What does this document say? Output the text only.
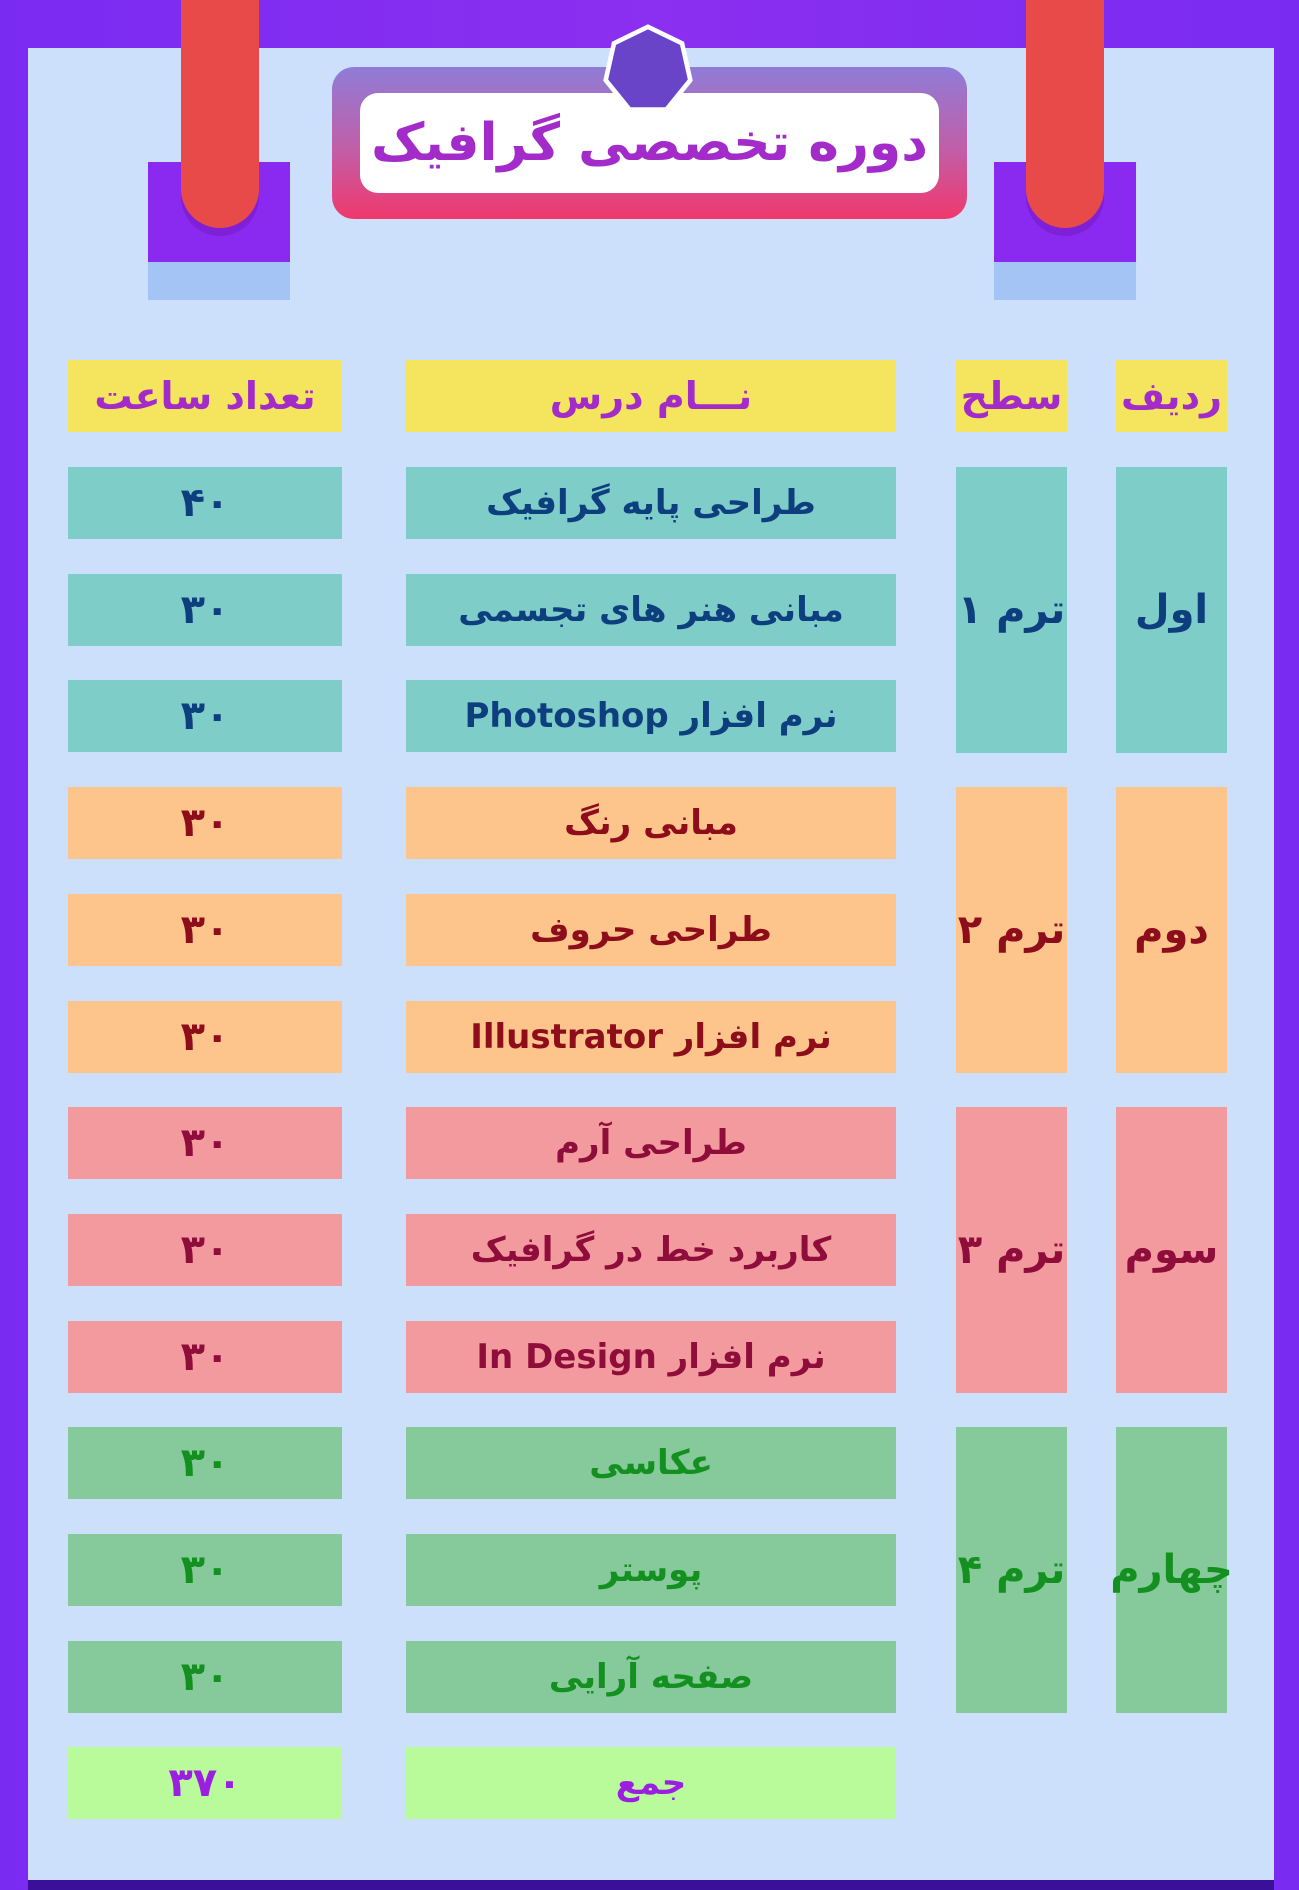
دوره تخصصی گرافیک
ردیف
سطح
نـــام درس
تعداد ساعت
اول
ترم ۱
طراحی پایه گرافیک
۴۰
مبانی هنر های تجسمی
۳۰
نرم افزار Photoshop
۳۰
دوم
ترم ۲
مبانی رنگ
۳۰
طراحی حروف
۳۰
نرم افزار Illustrator
۳۰
سوم
ترم ۳
طراحی آرم
۳۰
کاربرد خط در گرافیک
۳۰
نرم افزار In Design
۳۰
چهارم
ترم ۴
عکاسی
۳۰
پوستر
۳۰
صفحه آرایی
۳۰
جمع
۳۷۰
